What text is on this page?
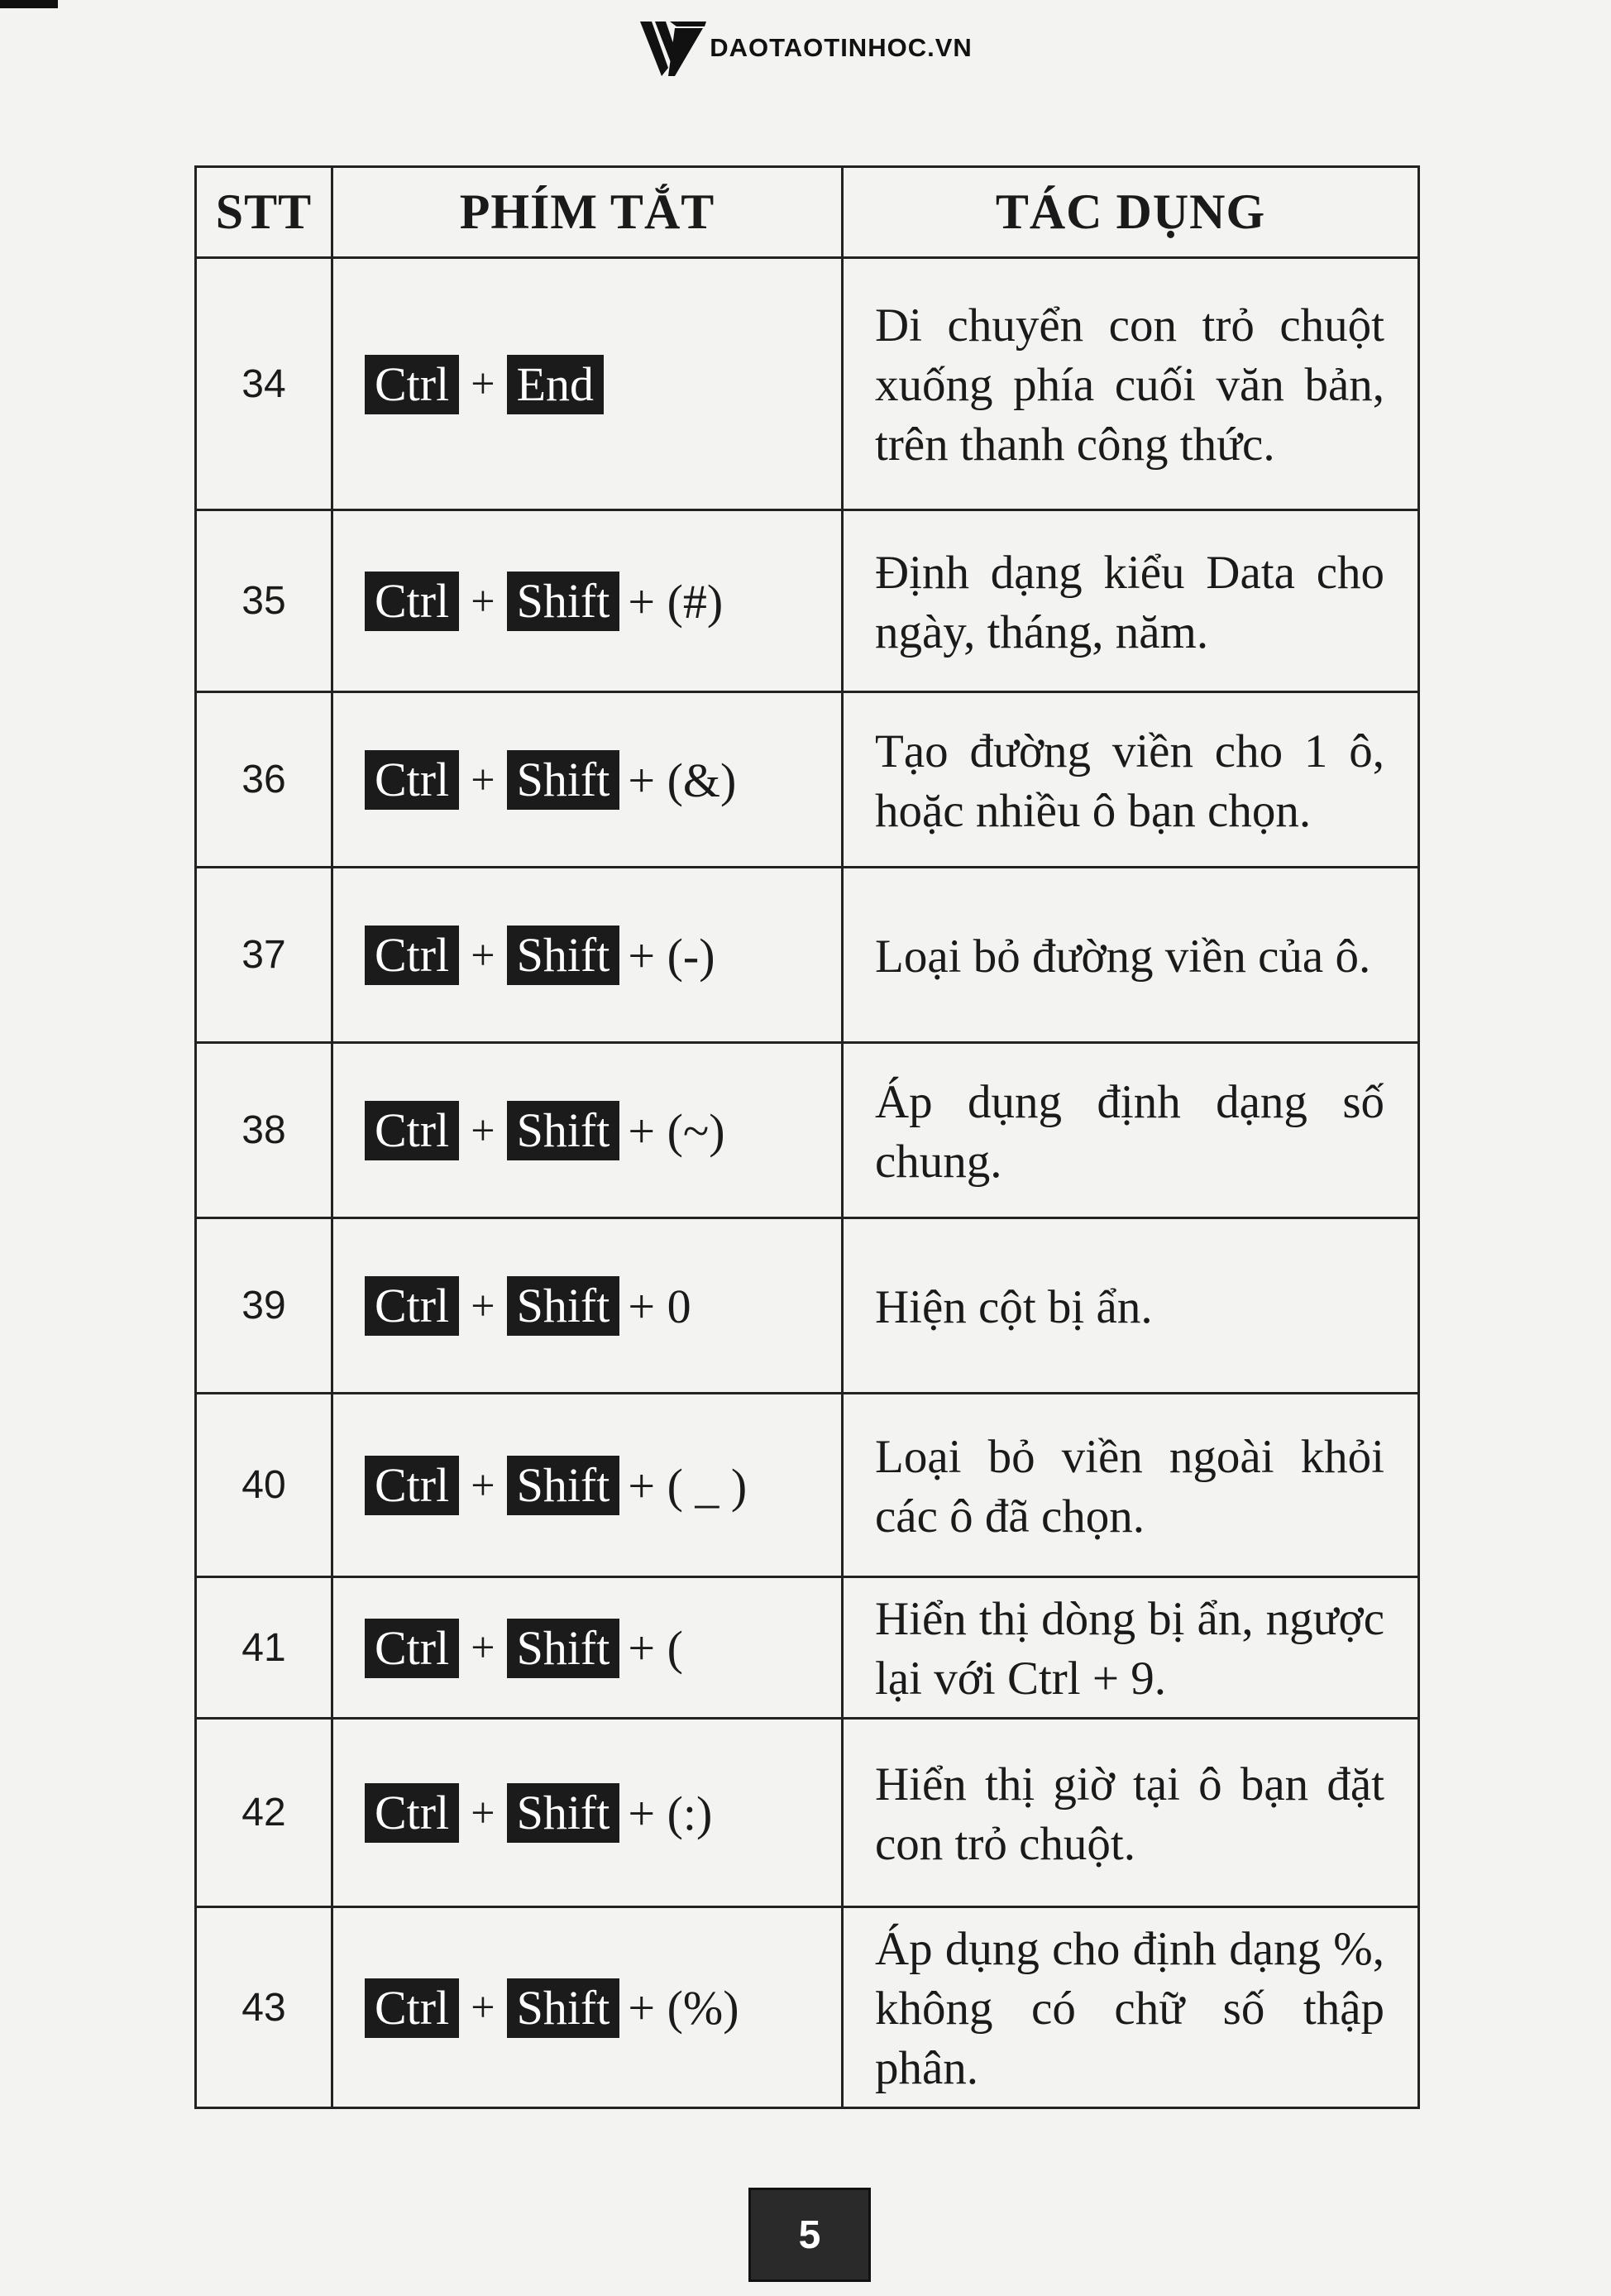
DAOTAOTINHOC.VN
STT	PHÍM TẮT	TÁC DỤNG
34	Ctrl + End	Di chuyển con trỏ chuột xuống phía cuối văn bản, trên thanh công thức.
35	Ctrl + Shift + (#)	Định dạng kiểu Data cho ngày, tháng, năm.
36	Ctrl + Shift + (&)	Tạo đường viền cho 1 ô, hoặc nhiều ô bạn chọn.
37	Ctrl + Shift + (-)	Loại bỏ đường viền của ô.
38	Ctrl + Shift + (~)	Áp dụng định dạng số chung.
39	Ctrl + Shift + 0	Hiện cột bị ẩn.
40	Ctrl + Shift + ( _ )	Loại bỏ viền ngoài khỏi các ô đã chọn.
41	Ctrl + Shift + (	Hiển thị dòng bị ẩn, ngược lại với Ctrl + 9.
42	Ctrl + Shift + (:)	Hiển thị giờ tại ô bạn đặt con trỏ chuột.
43	Ctrl + Shift + (%)	Áp dụng cho định dạng %, không có chữ số thập phân.
5
